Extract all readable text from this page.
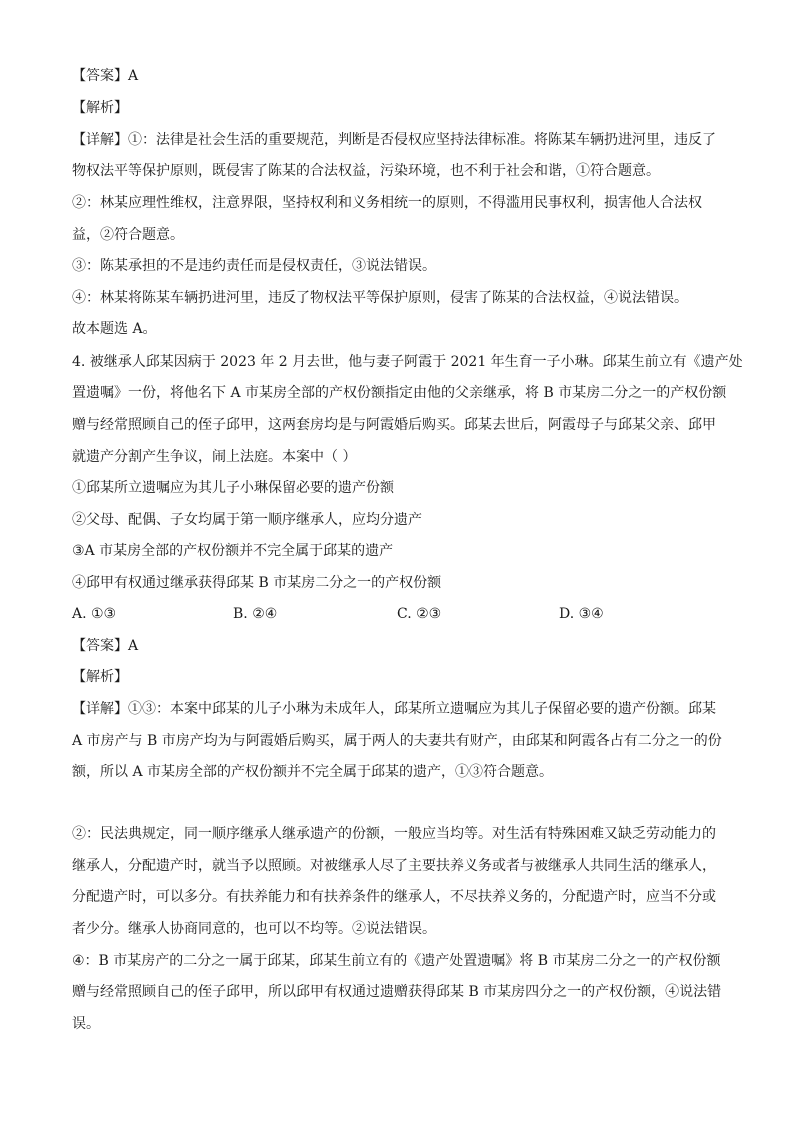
【答案】A
【解析】
【详解】①：法律是社会生活的重要规范，判断是否侵权应坚持法律标准。将陈某车辆扔进河里，违反了
物权法平等保护原则，既侵害了陈某的合法权益，污染环境，也不利于社会和谐，①符合题意。
②：林某应理性维权，注意界限，坚持权利和义务相统一的原则，不得滥用民事权利，损害他人合法权
益，②符合题意。
③：陈某承担的不是违约责任而是侵权责任，③说法错误。
④：林某将陈某车辆扔进河里，违反了物权法平等保护原则，侵害了陈某的合法权益，④说法错误。
故本题选 A。
4. 被继承人邱某因病于 2023 年 2 月去世，他与妻子阿霞于 2021 年生育一子小琳。邱某生前立有《遗产处
置遗嘱》一份，将他名下 A 市某房全部的产权份额指定由他的父亲继承，将 B 市某房二分之一的产权份额
赠与经常照顾自己的侄子邱甲，这两套房均是与阿霞婚后购买。邱某去世后，阿霞母子与邱某父亲、邱甲
就遗产分割产生争议，闹上法庭。本案中（ ）
①邱某所立遗嘱应为其儿子小琳保留必要的遗产份额
②父母、配偶、子女均属于第一顺序继承人，应均分遗产
③A 市某房全部的产权份额并不完全属于邱某的遗产
④邱甲有权通过继承获得邱某 B 市某房二分之一的产权份额
A. ①③	B. ②④	C. ②③	D. ③④
【答案】A
【解析】
【详解】①③：本案中邱某的儿子小琳为未成年人，邱某所立遗嘱应为其儿子保留必要的遗产份额。邱某
A 市房产与 B 市房产均为与阿霞婚后购买，属于两人的夫妻共有财产，由邱某和阿霞各占有二分之一的份
额，所以 A 市某房全部的产权份额并不完全属于邱某的遗产，①③符合题意。
②：民法典规定，同一顺序继承人继承遗产的份额，一般应当均等。对生活有特殊困难又缺乏劳动能力的
继承人，分配遗产时，就当予以照顾。对被继承人尽了主要扶养义务或者与被继承人共同生活的继承人，
分配遗产时，可以多分。有扶养能力和有扶养条件的继承人，不尽扶养义务的，分配遗产时，应当不分或
者少分。继承人协商同意的，也可以不均等。②说法错误。
④：B 市某房产的二分之一属于邱某，邱某生前立有的《遗产处置遗嘱》将 B 市某房二分之一的产权份额
赠与经常照顾自己的侄子邱甲，所以邱甲有权通过遗赠获得邱某 B 市某房四分之一的产权份额，④说法错
误。
